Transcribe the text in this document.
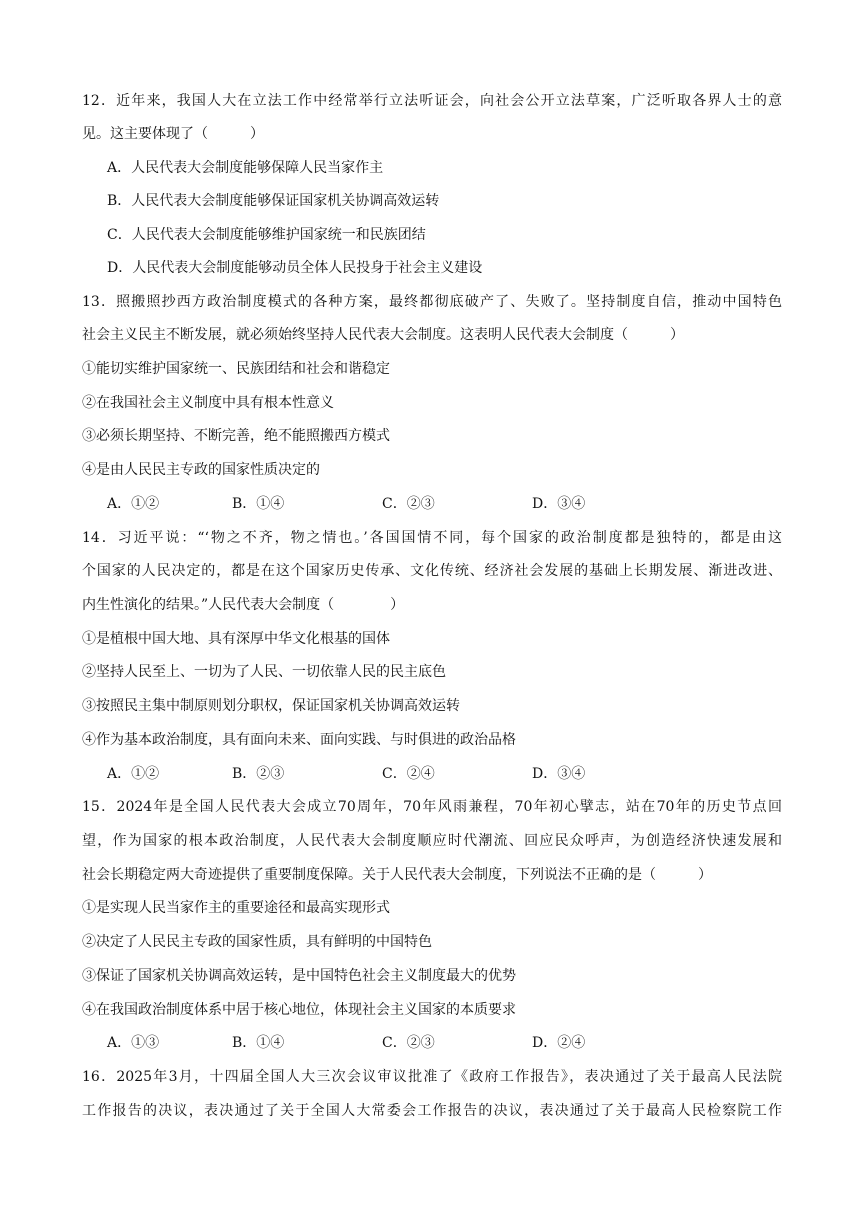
12．近年来，我国人大在立法工作中经常举行立法听证会，向社会公开立法草案，广泛听取各界人士的意
见。这主要体现了（　　　）
A．人民代表大会制度能够保障人民当家作主
B．人民代表大会制度能够保证国家机关协调高效运转
C．人民代表大会制度能够维护国家统一和民族团结
D．人民代表大会制度能够动员全体人民投身于社会主义建设
13．照搬照抄西方政治制度模式的各种方案，最终都彻底破产了、失败了。坚持制度自信，推动中国特色
社会主义民主不断发展，就必须始终坚持人民代表大会制度。这表明人民代表大会制度（　　　）
①能切实维护国家统一、民族团结和社会和谐稳定
②在我国社会主义制度中具有根本性意义
③必须长期坚持、不断完善，绝不能照搬西方模式
④是由人民民主专政的国家性质决定的
A．①②	B．①④	C．②③	D．③④
14．习近平说：“‘物之不齐，物之情也。’各国国情不同，每个国家的政治制度都是独特的，都是由这
个国家的人民决定的，都是在这个国家历史传承、文化传统、经济社会发展的基础上长期发展、渐进改进、
内生性演化的结果。”人民代表大会制度（　　　　）
①是植根中国大地、具有深厚中华文化根基的国体
②坚持人民至上、一切为了人民、一切依靠人民的民主底色
③按照民主集中制原则划分职权，保证国家机关协调高效运转
④作为基本政治制度，具有面向未来、面向实践、与时俱进的政治品格
A．①②	B．②③	C．②④	D．③④
15．2024年是全国人民代表大会成立70周年，70年风雨兼程，70年初心擘志，站在70年的历史节点回
望，作为国家的根本政治制度，人民代表大会制度顺应时代潮流、回应民众呼声，为创造经济快速发展和
社会长期稳定两大奇迹提供了重要制度保障。关于人民代表大会制度，下列说法不正确的是（　　　）
①是实现人民当家作主的重要途径和最高实现形式
②决定了人民民主专政的国家性质，具有鲜明的中国特色
③保证了国家机关协调高效运转，是中国特色社会主义制度最大的优势
④在我国政治制度体系中居于核心地位，体现社会主义国家的本质要求
A．①③	B．①④	C．②③	D．②④
16．2025年3月，十四届全国人大三次会议审议批准了《政府工作报告》，表决通过了关于最高人民法院
工作报告的决议，表决通过了关于全国人大常委会工作报告的决议，表决通过了关于最高人民检察院工作
